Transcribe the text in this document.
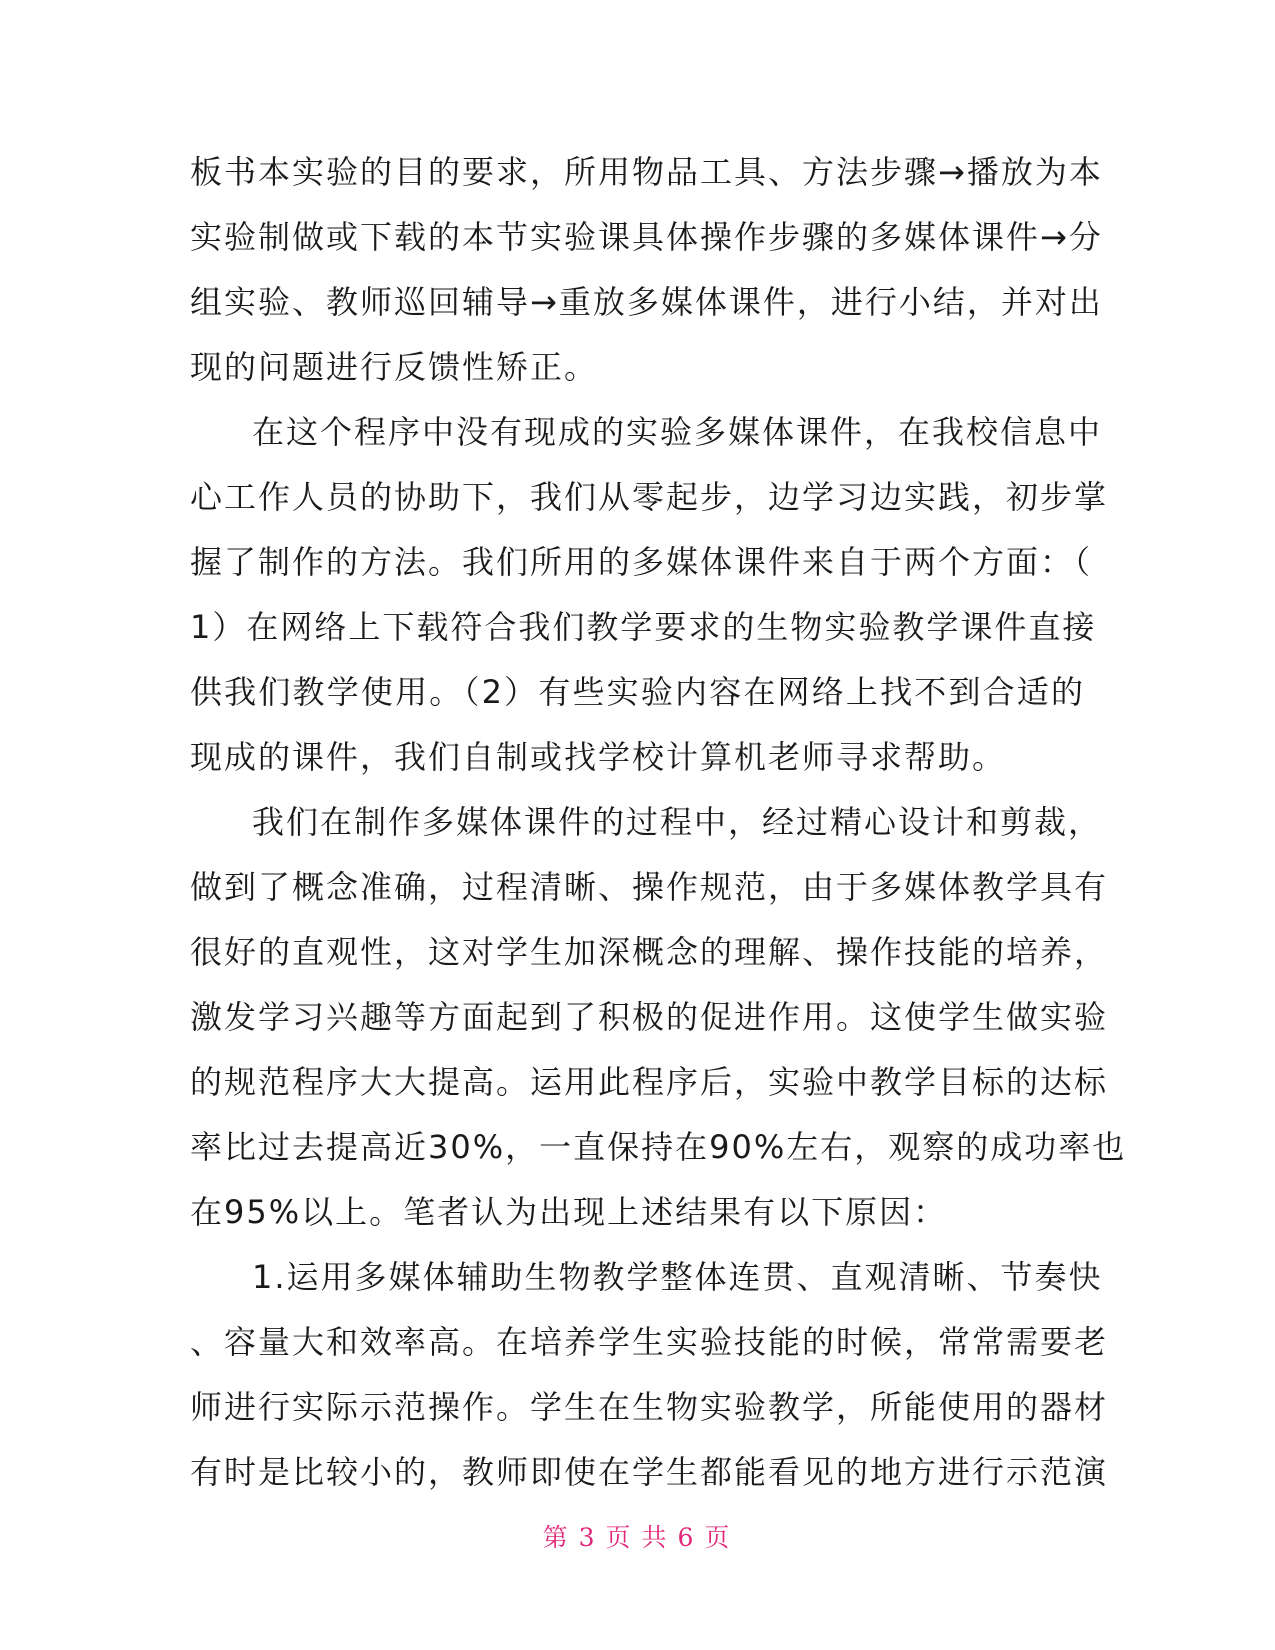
板书本实验的目的要求，所用物品工具、方法步骤→播放为本
实验制做或下载的本节实验课具体操作步骤的多媒体课件→分
组实验、教师巡回辅导→重放多媒体课件，进行小结，并对出
现的问题进行反馈性矫正。
在这个程序中没有现成的实验多媒体课件，在我校信息中
心工作人员的协助下，我们从零起步，边学习边实践，初步掌
握了制作的方法。我们所用的多媒体课件来自于两个方面：（
1）在网络上下载符合我们教学要求的生物实验教学课件直接
供我们教学使用。（2）有些实验内容在网络上找不到合适的
现成的课件，我们自制或找学校计算机老师寻求帮助。
我们在制作多媒体课件的过程中，经过精心设计和剪裁，
做到了概念准确，过程清晰、操作规范，由于多媒体教学具有
很好的直观性，这对学生加深概念的理解、操作技能的培养，
激发学习兴趣等方面起到了积极的促进作用。这使学生做实验
的规范程序大大提高。运用此程序后，实验中教学目标的达标
率比过去提高近30%，一直保持在90%左右，观察的成功率也
在95%以上。笔者认为出现上述结果有以下原因：
1.运用多媒体辅助生物教学整体连贯、直观清晰、节奏快
、容量大和效率高。在培养学生实验技能的时候，常常需要老
师进行实际示范操作。学生在生物实验教学，所能使用的器材
有时是比较小的，教师即使在学生都能看见的地方进行示范演
第 3 页 共 6 页
